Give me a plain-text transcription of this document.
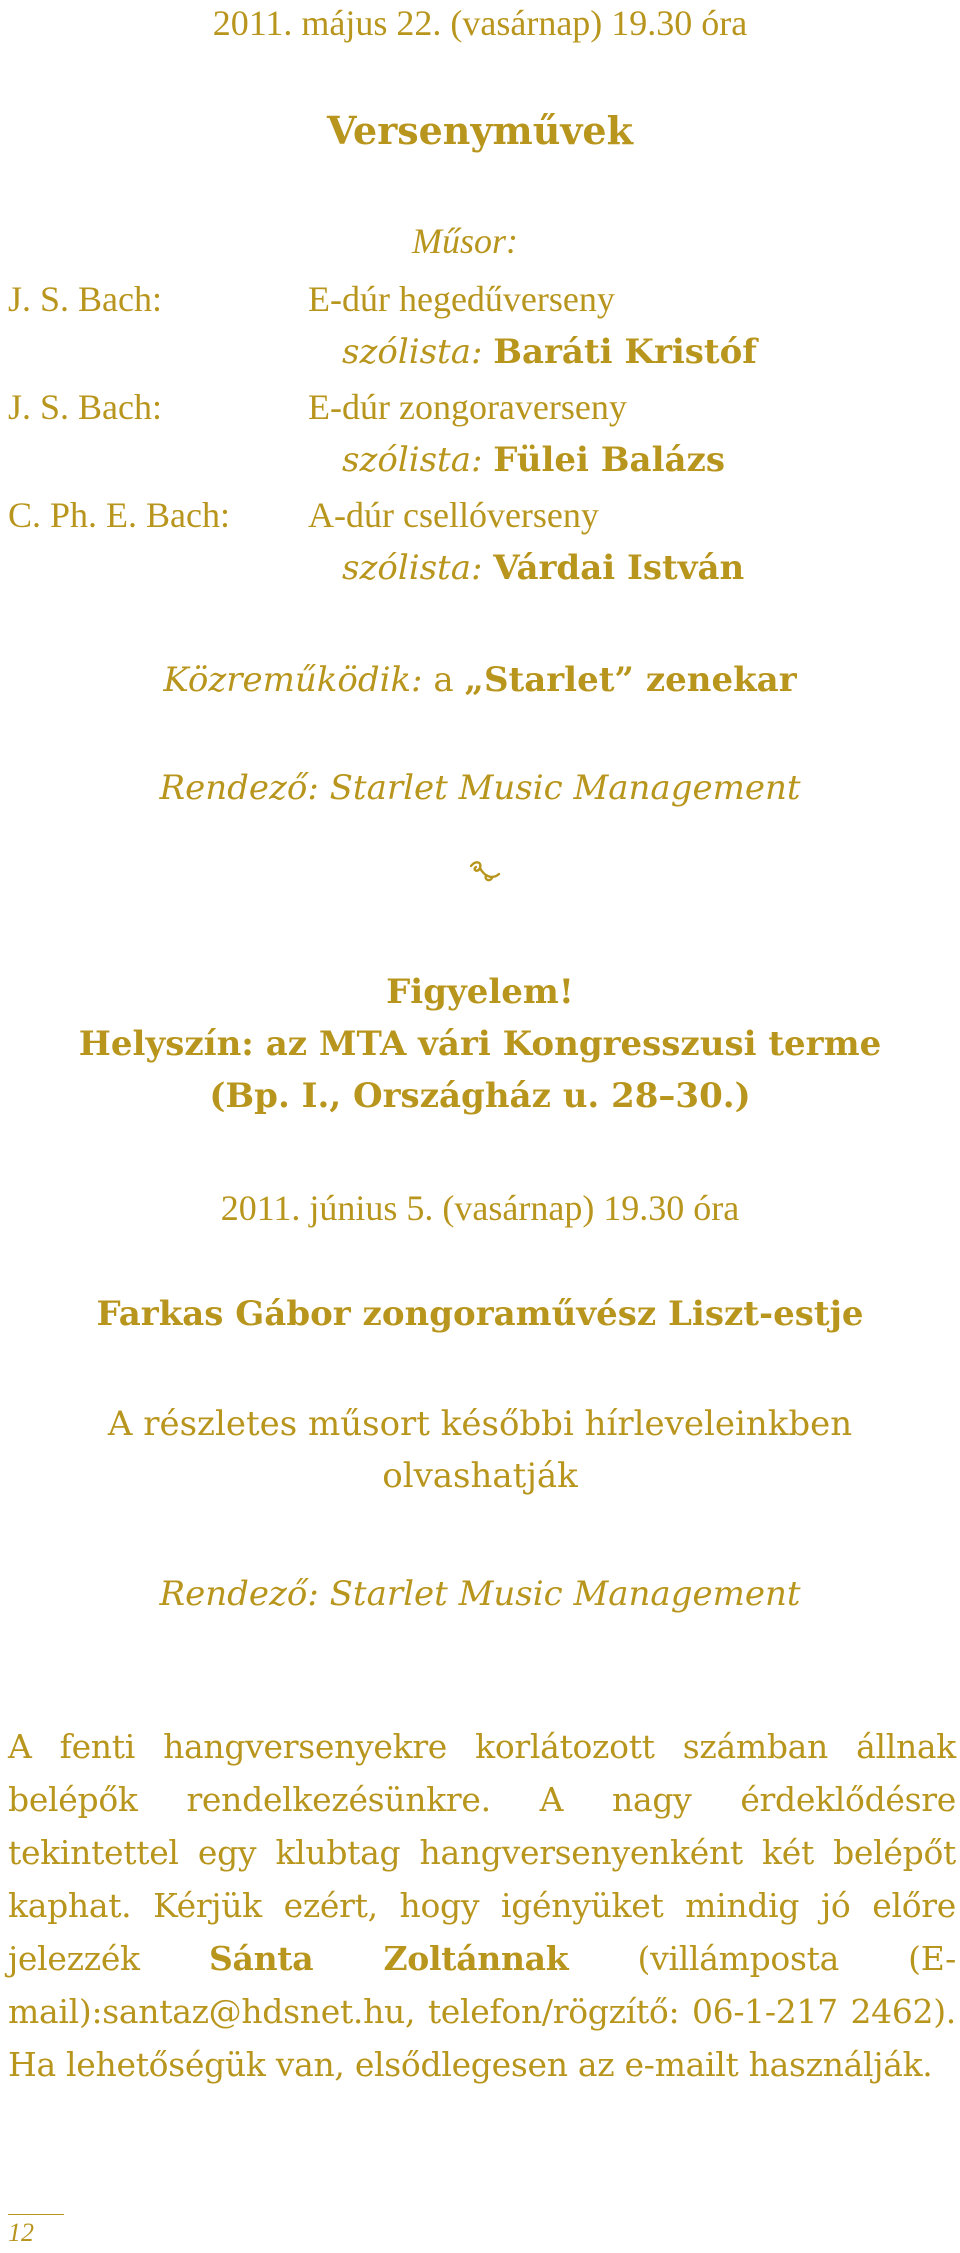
2011. május 22. (vasárnap) 19.30 óra
Versenyművek
Műsor:
J. S. Bach:	E-dúr hegedűverseny
szólista: Baráti Kristóf
J. S. Bach:	E-dúr zongoraverseny
szólista: Fülei Balázs
C. Ph. E. Bach: A-dúr csellóverseny
szólista: Várdai István
Közreműködik: a „Starlet” zenekar
Rendező: Starlet Music Management
Figyelem!
Helyszín: az MTA vári Kongresszusi terme
(Bp. I., Országház u. 28–30.)
2011. június 5. (vasárnap) 19.30 óra
Farkas Gábor zongoraművész Liszt-estje
A részletes műsort későbbi hírleveleinkben
olvashatják
Rendező: Starlet Music Management
A fenti hangversenyekre korlátozott számban állnak belépők rendelkezésünkre. A nagy érdeklődésre tekintettel egy klubtag hangversenyenként két belépőt kaphat. Kérjük ezért, hogy igényüket mindig jó előre jelezzék Sánta Zoltánnak (villámposta (E-mail):santaz@hdsnet.hu, telefon/rögzítő: 06-1-217 2462). Ha lehetőségük van, elsődlegesen az e-mailt használják.
12
